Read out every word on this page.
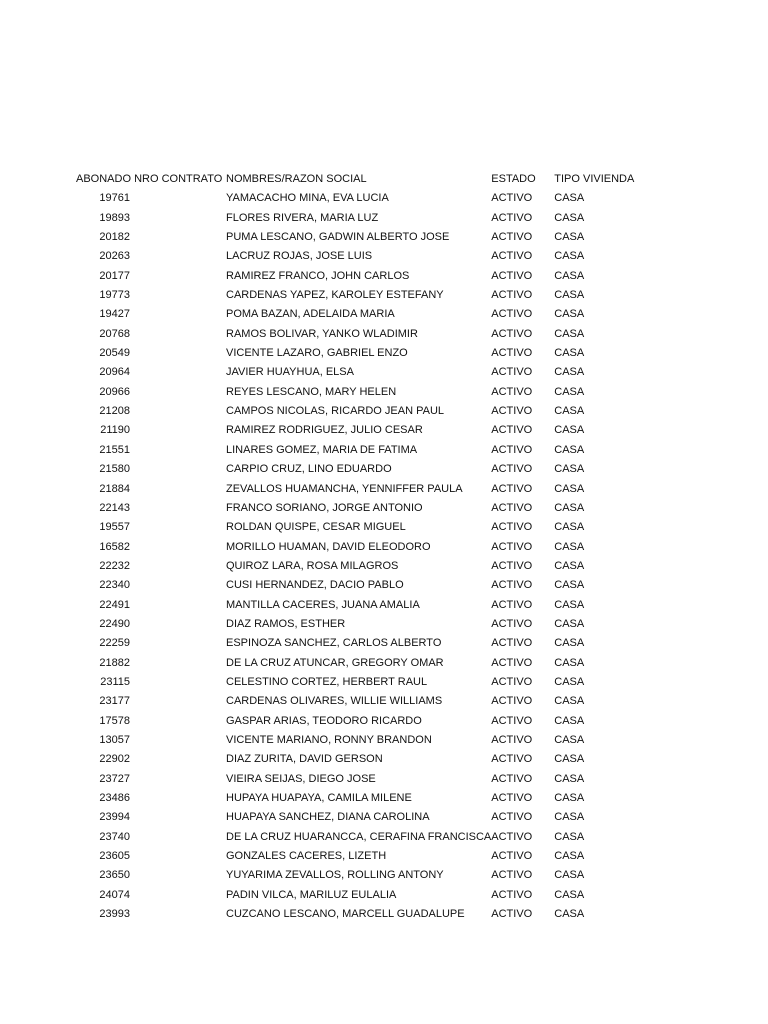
ABONADO NRO CONTRATO	NOMBRES/RAZON SOCIAL	ESTADO	TIPO VIVIENDA
19761	YAMACACHO MINA, EVA LUCIA	ACTIVO	CASA
19893	FLORES RIVERA, MARIA LUZ	ACTIVO	CASA
20182	PUMA LESCANO, GADWIN ALBERTO JOSE	ACTIVO	CASA
20263	LACRUZ ROJAS, JOSE LUIS	ACTIVO	CASA
20177	RAMIREZ FRANCO, JOHN CARLOS	ACTIVO	CASA
19773	CARDENAS YAPEZ, KAROLEY ESTEFANY	ACTIVO	CASA
19427	POMA BAZAN, ADELAIDA MARIA	ACTIVO	CASA
20768	RAMOS BOLIVAR, YANKO WLADIMIR	ACTIVO	CASA
20549	VICENTE LAZARO, GABRIEL ENZO	ACTIVO	CASA
20964	JAVIER HUAYHUA, ELSA	ACTIVO	CASA
20966	REYES LESCANO, MARY HELEN	ACTIVO	CASA
21208	CAMPOS NICOLAS, RICARDO JEAN PAUL	ACTIVO	CASA
21190	RAMIREZ RODRIGUEZ, JULIO CESAR	ACTIVO	CASA
21551	LINARES GOMEZ, MARIA DE FATIMA	ACTIVO	CASA
21580	CARPIO CRUZ, LINO EDUARDO	ACTIVO	CASA
21884	ZEVALLOS HUAMANCHA, YENNIFFER PAULA	ACTIVO	CASA
22143	FRANCO SORIANO, JORGE ANTONIO	ACTIVO	CASA
19557	ROLDAN QUISPE, CESAR MIGUEL	ACTIVO	CASA
16582	MORILLO HUAMAN, DAVID ELEODORO	ACTIVO	CASA
22232	QUIROZ LARA, ROSA MILAGROS	ACTIVO	CASA
22340	CUSI HERNANDEZ, DACIO PABLO	ACTIVO	CASA
22491	MANTILLA CACERES, JUANA AMALIA	ACTIVO	CASA
22490	DIAZ RAMOS, ESTHER	ACTIVO	CASA
22259	ESPINOZA SANCHEZ, CARLOS ALBERTO	ACTIVO	CASA
21882	DE LA CRUZ ATUNCAR, GREGORY OMAR	ACTIVO	CASA
23115	CELESTINO CORTEZ, HERBERT RAUL	ACTIVO	CASA
23177	CARDENAS OLIVARES, WILLIE WILLIAMS	ACTIVO	CASA
17578	GASPAR ARIAS, TEODORO RICARDO	ACTIVO	CASA
13057	VICENTE MARIANO, RONNY BRANDON	ACTIVO	CASA
22902	DIAZ ZURITA, DAVID GERSON	ACTIVO	CASA
23727	VIEIRA SEIJAS, DIEGO JOSE	ACTIVO	CASA
23486	HUPAYA HUAPAYA, CAMILA MILENE	ACTIVO	CASA
23994	HUAPAYA SANCHEZ, DIANA CAROLINA	ACTIVO	CASA
23740	DE LA CRUZ HUARANCCA, CERAFINA FRANCISCA	ACTIVO	CASA
23605	GONZALES CACERES, LIZETH	ACTIVO	CASA
23650	YUYARIMA ZEVALLOS, ROLLING ANTONY	ACTIVO	CASA
24074	PADIN VILCA, MARILUZ EULALIA	ACTIVO	CASA
23993	CUZCANO LESCANO, MARCELL GUADALUPE	ACTIVO	CASA
